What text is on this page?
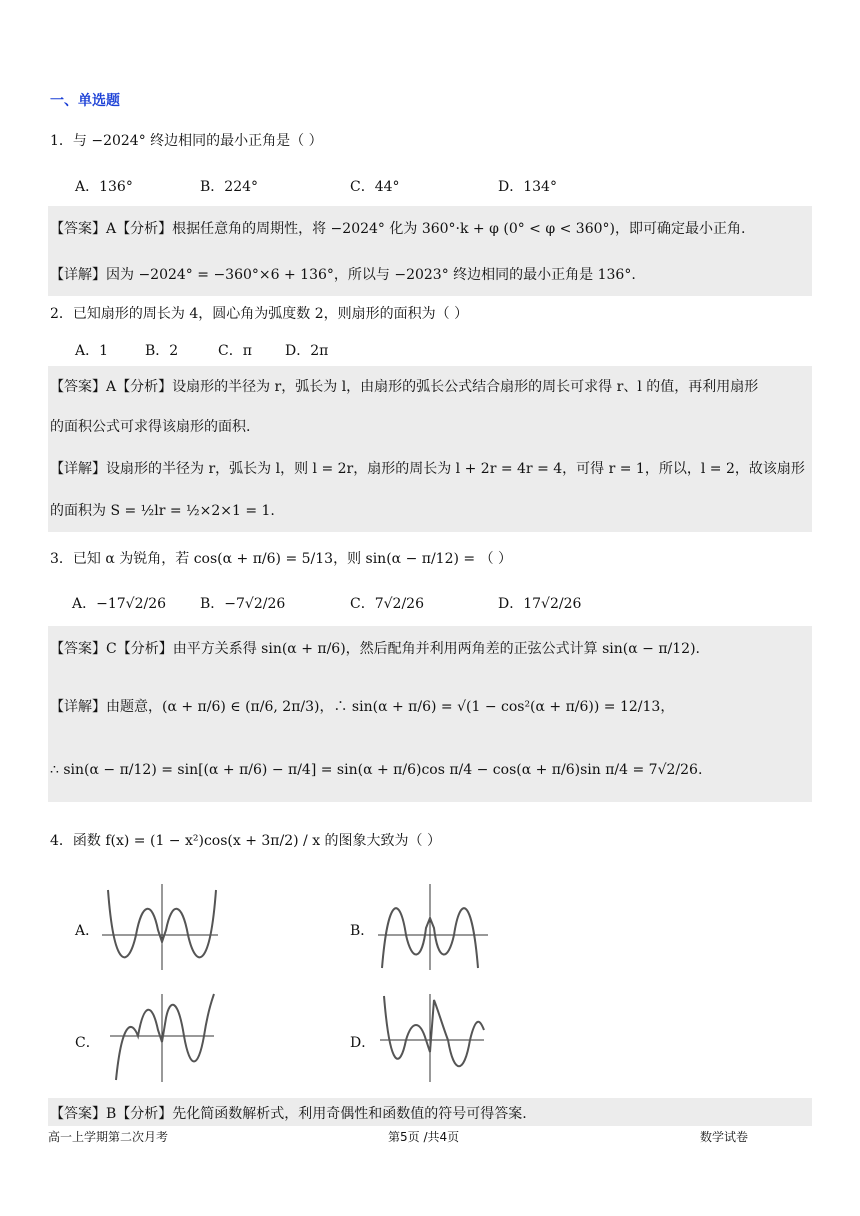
一、单选题
1．与 −2024° 终边相同的最小正角是（ ）
A．136°	B．224°	C．44°	D．134°
【答案】A【分析】根据任意角的周期性，将 −2024° 化为 360°·k + φ (0° < φ < 360°)，即可确定最小正角.
【详解】因为 −2024° = −360°×6 + 136°，所以与 −2023° 终边相同的最小正角是 136°.
2．已知扇形的周长为 4，圆心角为弧度数 2，则扇形的面积为（ ）
A．1	B．2	C．π D．2π
【答案】A【分析】设扇形的半径为 r，弧长为 l，由扇形的弧长公式结合扇形的周长可求得 r、l 的值，再利用扇形
的面积公式可求得该扇形的面积.
【详解】设扇形的半径为 r，弧长为 l，则 l = 2r，扇形的周长为 l + 2r = 4r = 4，可得 r = 1，所以，l = 2，故该扇形
的面积为 S = ½lr = ½×2×1 = 1.
3．已知 α 为锐角，若 cos(α + π/6) = 5/13，则 sin(α − π/12) = （ ）
A．−17√2/26 B．−7√2/26	C．7√2/26	D．17√2/26
【答案】C【分析】由平方关系得 sin(α + π/6)，然后配角并利用两角差的正弦公式计算 sin(α − π/12).
【详解】由题意，(α + π/6) ∈ (π/6, 2π/3)，∴ sin(α + π/6) = √(1 − cos²(α + π/6)) = 12/13，
∴ sin(α − π/12) = sin[(α + π/6) − π/4] = sin(α + π/6)cos π/4 − cos(α + π/6)sin π/4 = 7√2/26.
4．函数 f(x) = (1 − x²)cos(x + 3π/2) / x 的图象大致为（ ）
A．	B．
C．	D．
【答案】B【分析】先化简函数解析式，利用奇偶性和函数值的符号可得答案.
高一上学期第二次月考	第5页 /共4页	数学试卷
